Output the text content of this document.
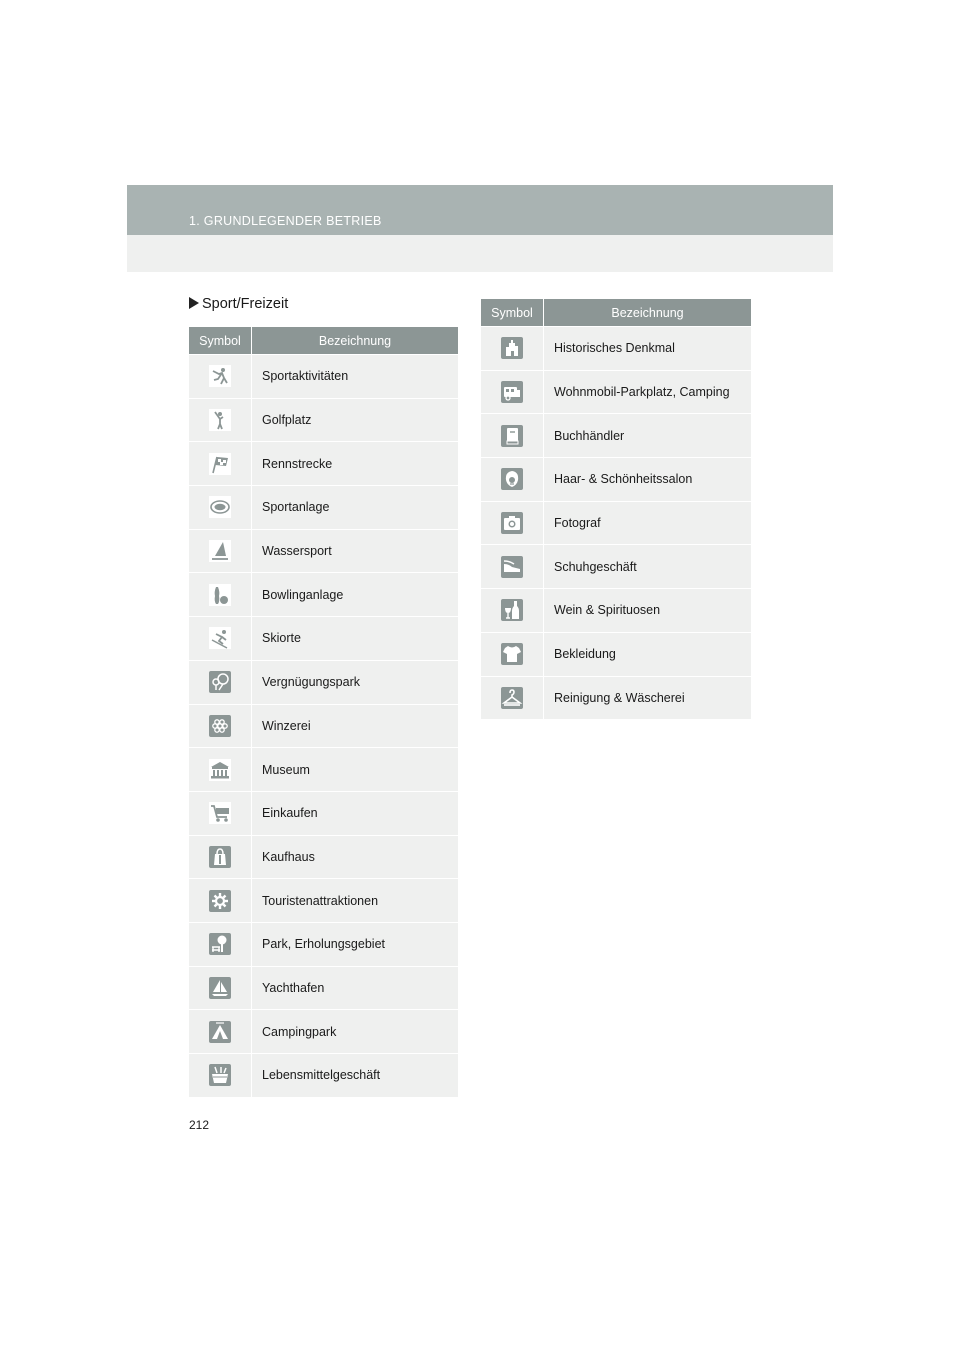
1. GRUNDLEGENDER BETRIEB
Sport/Freizeit
Symbol	Bezeichnung
Sportaktivitäten
Golfplatz
Rennstrecke
Sportanlage
Wassersport
Bowlinganlage
Skiorte
Vergnügungspark
Winzerei
Museum
Einkaufen
Kaufhaus
Touristenattraktionen
Park, Erholungsgebiet
Yachthafen
Campingpark
Lebensmittelgeschäft
Symbol	Bezeichnung
Historisches Denkmal
Wohnmobil-Parkplatz, Camping
Buchhändler
Haar- & Schönheitssalon
Fotograf
Schuhgeschäft
Wein & Spirituosen
Bekleidung
Reinigung & Wäscherei
212
